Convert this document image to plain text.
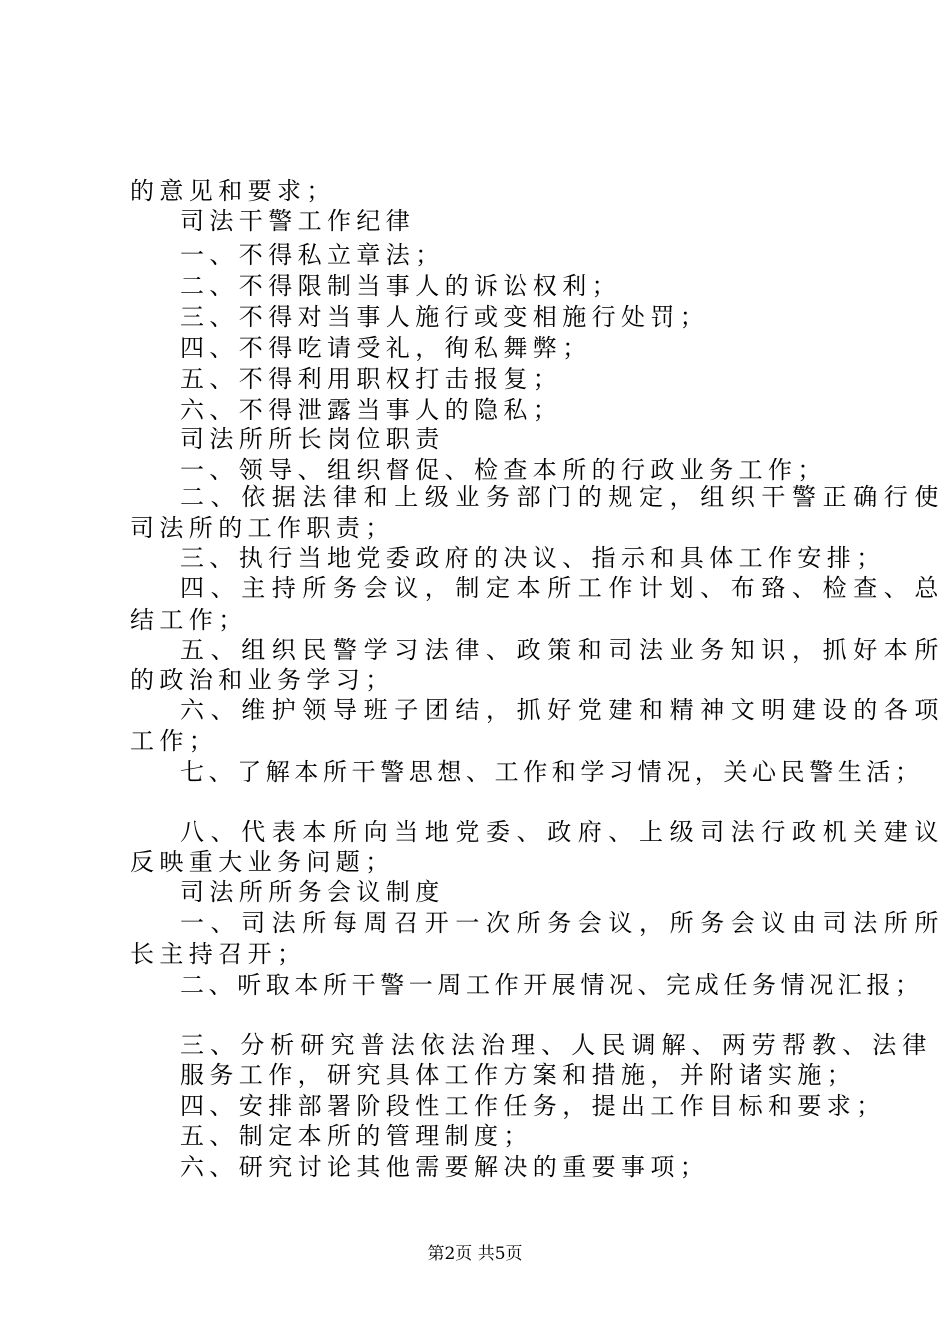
的意见和要求；
司法干警工作纪律
一、不得私立章法；
二、不得限制当事人的诉讼权利；
三、不得对当事人施行或变相施行处罚；
四、不得吃请受礼，徇私舞弊；
五、不得利用职权打击报复；
六、不得泄露当事人的隐私；
司法所所长岗位职责
一、领导、组织督促、检查本所的行政业务工作；
二、依据法律和上级业务部门的规定，组织干警正确行使
司法所的工作职责；
三、执行当地党委政府的决议、指示和具体工作安排；
四、主持所务会议，制定本所工作计划、布臵、检查、总
结工作；
五、组织民警学习法律、政策和司法业务知识，抓好本所
的政治和业务学习；
六、维护领导班子团结，抓好党建和精神文明建设的各项
工作；
七、了解本所干警思想、工作和学习情况，关心民警生活；
八、代表本所向当地党委、政府、上级司法行政机关建议
反映重大业务问题；
司法所所务会议制度
一、司法所每周召开一次所务会议，所务会议由司法所所
长主持召开；
二、听取本所干警一周工作开展情况、完成任务情况汇报；
三、分析研究普法依法治理、人民调解、两劳帮教、法律
服务工作，研究具体工作方案和措施，并附诸实施；
四、安排部署阶段性工作任务，提出工作目标和要求；
五、制定本所的管理制度；
六、研究讨论其他需要解决的重要事项；
第2页 共5页
